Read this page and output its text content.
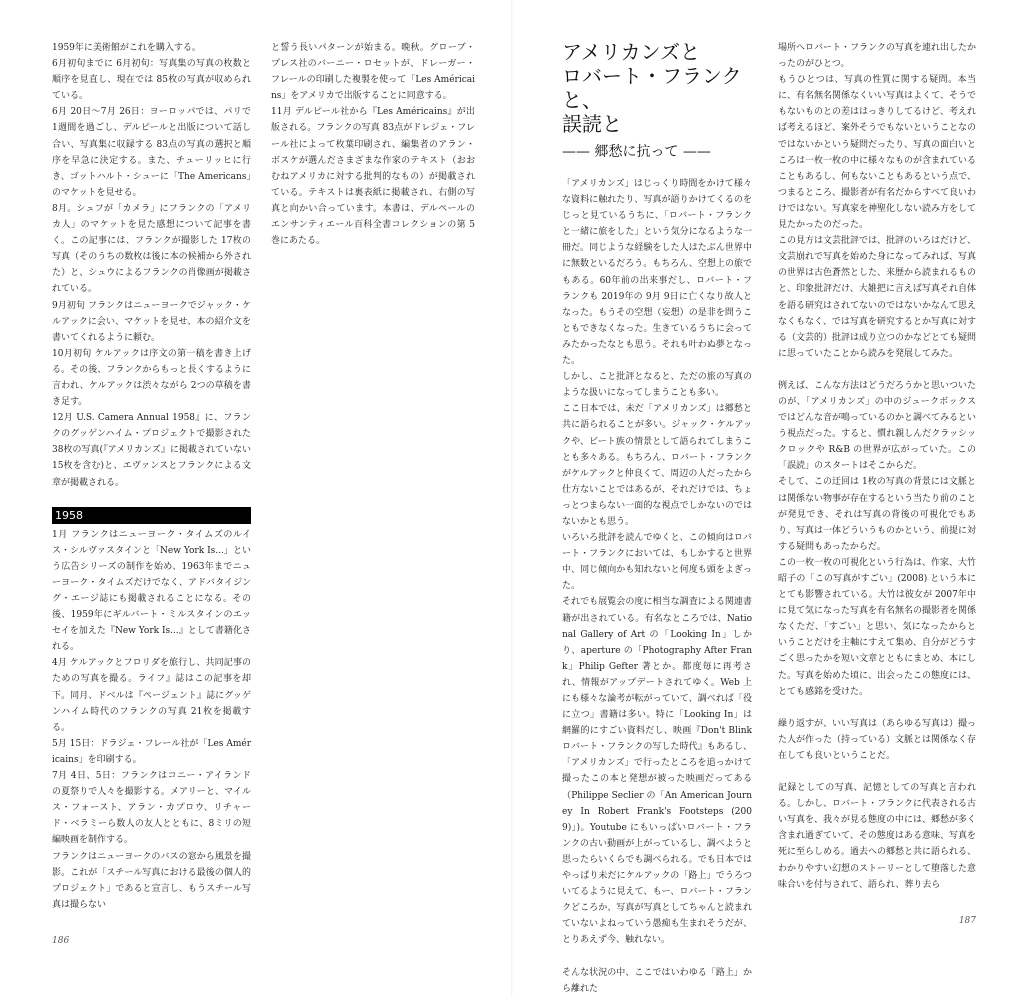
1959年に美術館がこれを購入する。

6月初旬までに 6月初旬：写真集の写真の枚数と順序を見直し、現在では 85枚の写真が収められている。

6月 20日～7月 26日：ヨーロッパでは、パリで 1週間を過ごし、デルピールと出版について話し合い、写真集に収録する 83点の写真の選択と順序を早急に決定する。また、チューリッヒに行き、ゴットハルト・シューに「The Americans」のマケットを見せる。

8月。シュフが「カメラ」にフランクの「アメリカ人」のマケットを見た感想について記事を書く。この記事には、フランクが撮影した 17枚の写真（そのうちの数枚は後に本の候補から外された）と、シュウによるフランクの肖像画が掲載されている。

9月初旬 フランクはニューヨークでジャック・ケルアックに会い、マケットを見せ、本の紹介文を書いてくれるように頼む。

10月初旬 ケルアックは序文の第一稿を書き上げる。その後、フランクからもっと長くするように言われ、ケルアックは渋々ながら 2つの草稿を書き足す。

12月 U.S. Camera Annual 1958』に、フランクのグッゲンハイム・プロジェクトで撮影された 38枚の写真(『アメリカンズ』に掲載されていない 15枚を含む)と、エヴァンスとフランクによる文章が掲載される。

1958

1月 フランクはニューヨーク・タイムズのルイス・シルヴァスタインと「New York Is...」という広告シリーズの制作を始め、1963年までニューヨーク・タイムズだけでなく、アドバタイジング・エージ誌にも掲載されることになる。その後、1959年にギルバート・ミルスタインのエッセイを加えた『New York Is...』として書籍化される。

4月 ケルアックとフロリダを旅行し、共同記事のための写真を撮る。ライフ』誌はこの記事を却下。同月、ドベルは『ページェント』誌にグッゲンハイム時代のフランクの写真 21枚を掲載する。

5月 15日：ドラジェ・フレール社が「Les Américains」を印刷する。

7月 4日、5日：フランクはコニー・アイランドの夏祭りで人々を撮影する。メアリーと、マイルス・フォースト、アラン・カプロウ、リチャード・ベラミーら数人の友人とともに、8ミリの短編映画を制作する。

フランクはニューヨークのバスの窓から風景を撮影。これが「スチール写真における最後の個人的プロジェクト」であると宣言し、もうスチール写真は撮らない

186

と誓う長いパターンが始まる。晩秋。グローブ・プレス社のバーニー・ロセットが、ドレーガー・フレールの印刷した複製を使って「Les Américains」をアメリカで出版することに同意する。

11月 デルピール社から『Les Américains』が出版される。フランクの写真 83点がドレジェ・フレール社によって枚葉印刷され、編集者のアラン・ボスケが選んださまざまな作家のテキスト（おおむねアメリカに対する批判的なもの）が掲載されている。テキストは裏表紙に掲載され、右側の写真と向かい合っています。本書は、デルペールのエンサンティエール百科全書コレクションの第 5巻にあたる。

アメリカンズと
ロバート・フランクと、
誤読と
—— 郷愁に抗って ——

「アメリカンズ」はじっくり時間をかけて様々な資料に触れたり、写真が語りかけてくるのをじっと見ているうちに、「ロバート・フランクと一緒に旅をした」という気分になるような一冊だ。同じような経験をした人はたぶん世界中に無数といるだろう。もちろん、空想上の旅でもある。60年前の出来事だし、ロバート・フランクも 2019年の 9月 9日に亡くなり故人となった。もうその空想（妄想）の是非を問うこともできなくなった。生きているうちに会ってみたかったなとも思う。それも叶わぬ夢となった。

しかし、こと批評となると、ただの旅の写真のような扱いになってしまうことも多い。

ここ日本では、未だ「アメリカンズ」は郷愁と共に語られることが多い。ジャック・ケルアックや、ビート族の情景として語られてしまうことも多々ある。もちろん、ロバート・フランクがケルアックと仲良くて、周辺の人だったから仕方ないことではあるが、それだけでは、ちょっとつまらない一面的な視点でしかないのではないかとも思う。

いろいろ批評を読んでゆくと、この傾向はロバート・フランクにおいては、もしかすると世界中、同じ傾向かも知れないと何度も頭をよぎった。

それでも展覧会の度に相当な調査による関連書籍が出されている。有名なところでは、National Gallery of Art の「Looking In」しかり、aperture の「Photography After Frank」Philip Gefter 著とか。都度毎に再考され、情報がアップデートされてゆく。Web 上にも様々な論考が転がっていて、調べれば「役に立つ」書籍は多い。特に「Looking In」は網羅的にすごい資料だし、映画『Don't Blink ロバート・フランクの写した時代』もあるし、「アメリカンズ」で行ったところを追っかけて撮ったこの本と発想が被った映画だってある（Philippe Seclier の「An American Journey In Robert Frank's Footsteps (2009)」)。Youtube にもいっぱいロバート・フランクの古い動画が上がっているし、調べようと思ったらいくらでも調べられる。でも日本ではやっぱり未だにケルアックの「路上」でうろついてるように見えて、もー、ロバート・フランクどころか、写真が写真としてちゃんと読まれていないよねっていう愚痴も生まれそうだが、とりあえず今、触れない。

そんな状況の中、ここではいわゆる「路上」から離れた

場所へロバート・フランクの写真を連れ出したかったのがひとつ。

もうひとつは、写真の性質に関する疑問。本当に、有名無名関係なくいい写真はよくて、そうでもないものとの差ははっきりしてるけど、考えれば考えるほど、案外そうでもないということなのではないかという疑問だったり、写真の面白いところは一枚一枚の中に様々なものが含まれていることもあるし、何もないこともあるという点で、つまるところ、撮影者が有名だからすべて良いわけではない。写真家を神聖化しない読み方をして見たかったのだった。

この見方は文芸批評では、批評のいろはだけど、文芸崩れで写真を始めた身になってみれば、写真の世界は古色蒼然とした、来歴から読まれるものと、印象批評だけ、大雑把に言えば写真それ自体を語る研究はされてないのではないかなんて思えなくもなく、では写真を研究するとか写真に対する（文芸的）批評は成り立つのかなどとても疑問に思っていたことから読みを発展してみた。

例えば、こんな方法はどうだろうかと思いついたのが、「アメリカンズ」の中のジュークボックスではどんな音が鳴っているのかと調べてみるという視点だった。すると、慣れ親しんだクラッシックロックや R&B の世界が広がっていた。この「誤読」のスタートはそこからだ。

そして、この迂回は 1枚の写真の背景には文脈とは関係ない物事が存在するという当たり前のことが発見でき、それは写真の背後の可視化でもあり、写真は一体どういうものかという、前提に対する疑問もあったからだ。

この一枚一枚の可視化という行為は、作家、大竹昭子の「この写真がすごい」(2008) という本にとても影響されている。大竹は彼女が 2007年中に見て気になった写真を有名無名の撮影者を関係なくただ、「すごい」と思い、気になったからということだけを主軸にすえて集め、自分がどうすごく思ったかを短い文章とともにまとめ、本にした。写真を始めた頃に、出会ったこの態度には、とても感銘を受けた。

繰り返すが、いい写真は（あらゆる写真は）撮った人が作った（持っている）文脈とは関係なく存在しても良いということだ。

記録としての写真、記憶としての写真と言われる。しかし、ロバート・フランクに代表される古い写真を、我々が見る態度の中には、郷愁が多く含まれ過ぎていて、その態度はある意味、写真を死に至らしめる。過去への郷愁と共に語られる、わかりやすい幻想のストーリーとして堕落した意味合いを付与されて、語られ、葬り去ら

187
